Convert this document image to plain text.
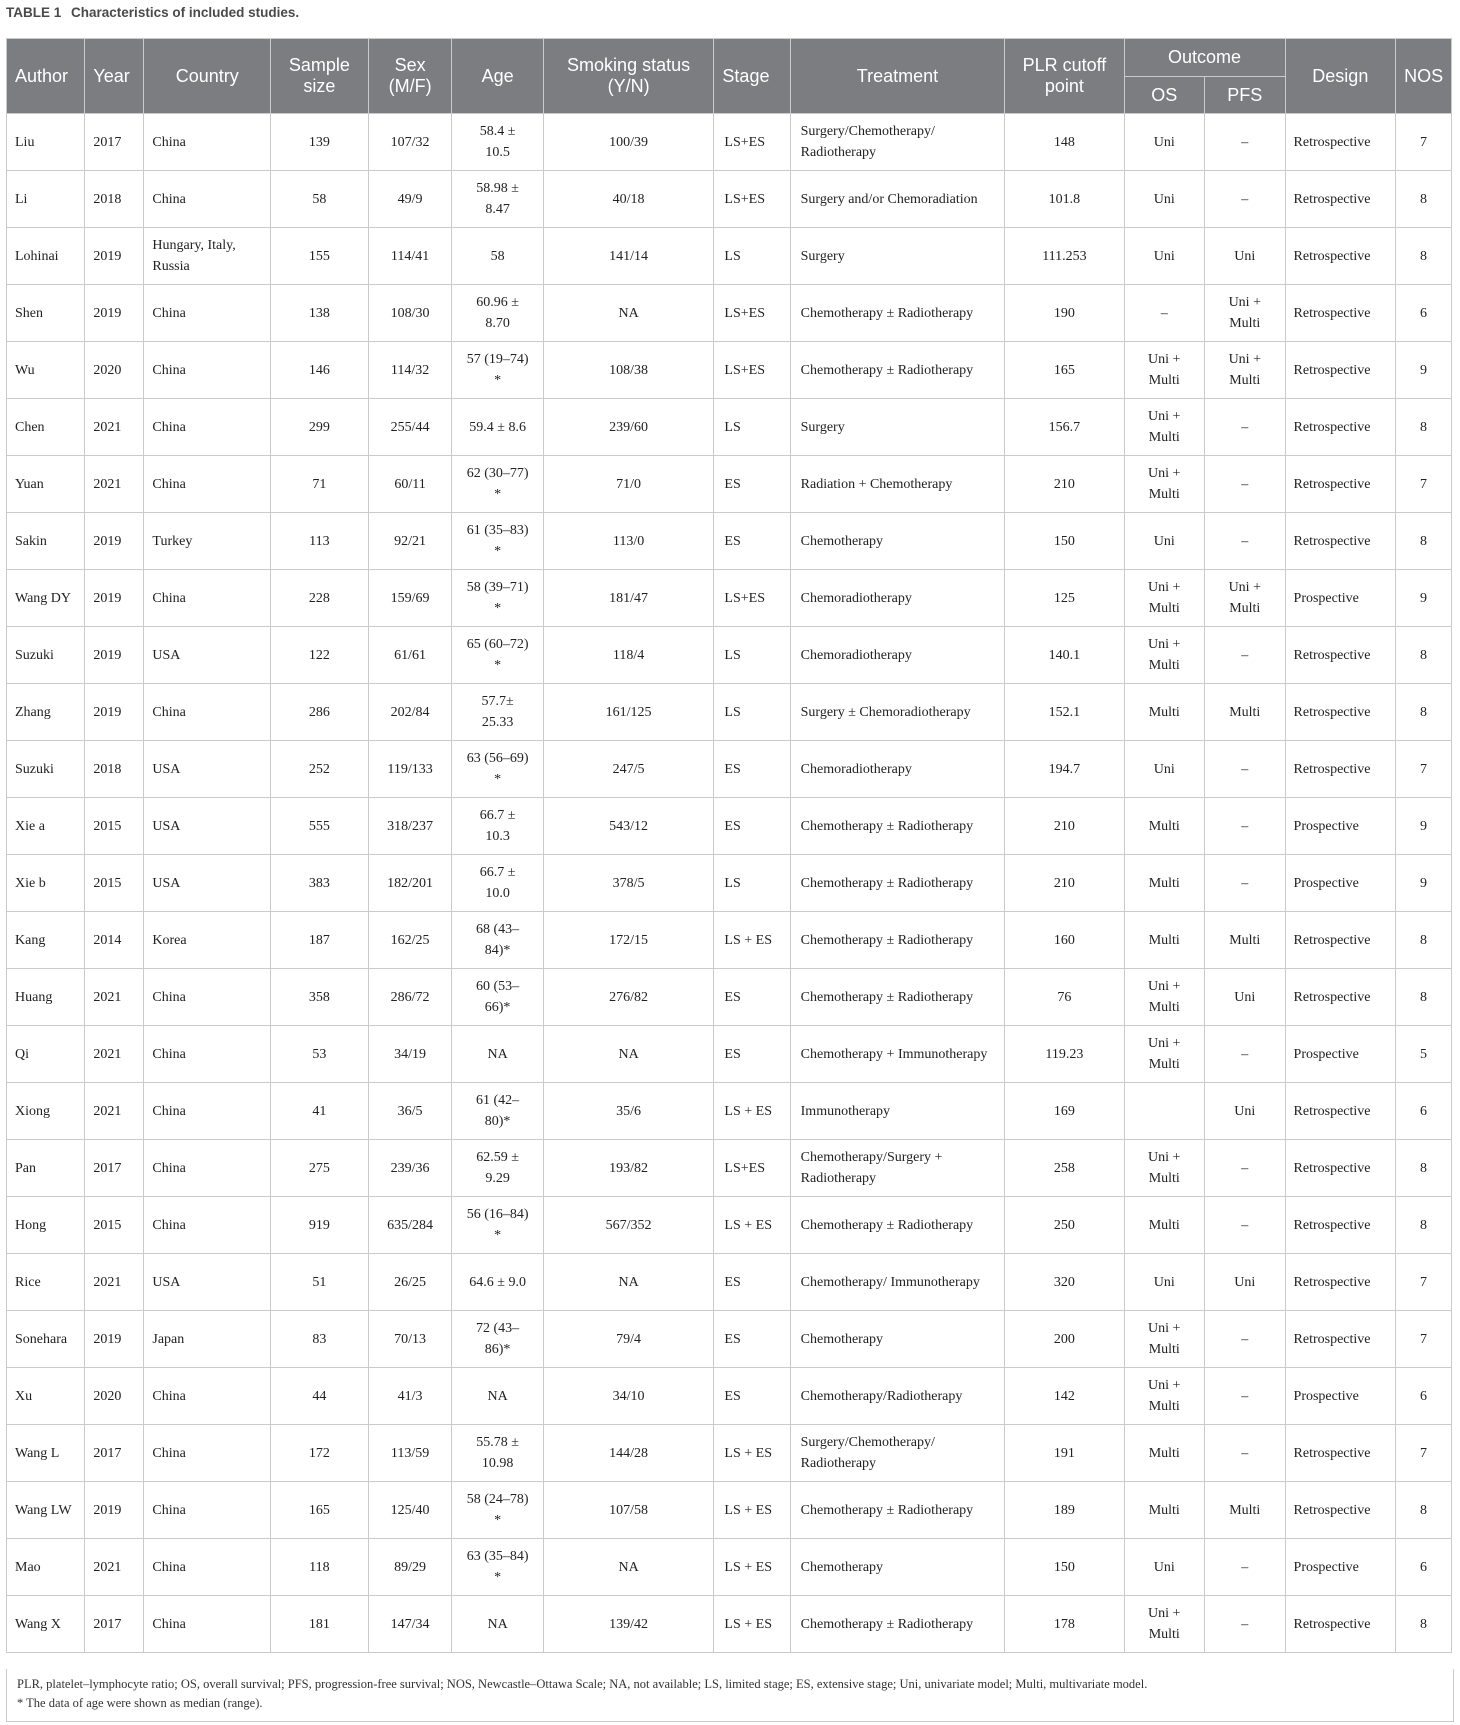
TABLE 1 Characteristics of included studies.
Author	Year	Country	Sample size	Sex (M/F)	Age	Smoking status (Y/N)	Stage	Treatment	PLR cutoff point	Outcome		Design	NOS
										OS	PFS		
Liu	2017	China	139	107/32	58.4 ± 10.5	100/39	LS+ES	Surgery/Chemotherapy/ Radiotherapy	148	Uni	–	Retrospective	7
Li	2018	China	58	49/9	58.98 ± 8.47	40/18	LS+ES	Surgery and/or Chemoradiation	101.8	Uni	–	Retrospective	8
Lohinai	2019	Hungary, Italy, Russia	155	114/41	58	141/14	LS	Surgery	111.253	Uni	Uni	Retrospective	8
Shen	2019	China	138	108/30	60.96 ± 8.70	NA	LS+ES	Chemotherapy ± Radiotherapy	190	–	Uni + Multi	Retrospective	6
Wu	2020	China	146	114/32	57 (19–74) *	108/38	LS+ES	Chemotherapy ± Radiotherapy	165	Uni + Multi	Uni + Multi	Retrospective	9
Chen	2021	China	299	255/44	59.4 ± 8.6	239/60	LS	Surgery	156.7	Uni + Multi	–	Retrospective	8
Yuan	2021	China	71	60/11	62 (30–77) *	71/0	ES	Radiation + Chemotherapy	210	Uni + Multi	–	Retrospective	7
Sakin	2019	Turkey	113	92/21	61 (35–83) *	113/0	ES	Chemotherapy	150	Uni	–	Retrospective	8
Wang DY	2019	China	228	159/69	58 (39–71) *	181/47	LS+ES	Chemoradiotherapy	125	Uni + Multi	Uni + Multi	Prospective	9
Suzuki	2019	USA	122	61/61	65 (60–72) *	118/4	LS	Chemoradiotherapy	140.1	Uni + Multi	–	Retrospective	8
Zhang	2019	China	286	202/84	57.7± 25.33	161/125	LS	Surgery ± Chemoradiotherapy	152.1	Multi	Multi	Retrospective	8
Suzuki	2018	USA	252	119/133	63 (56–69) *	247/5	ES	Chemoradiotherapy	194.7	Uni	–	Retrospective	7
Xie a	2015	USA	555	318/237	66.7 ± 10.3	543/12	ES	Chemotherapy ± Radiotherapy	210	Multi	–	Prospective	9
Xie b	2015	USA	383	182/201	66.7 ± 10.0	378/5	LS	Chemotherapy ± Radiotherapy	210	Multi	–	Prospective	9
Kang	2014	Korea	187	162/25	68 (43–84)*	172/15	LS + ES	Chemotherapy ± Radiotherapy	160	Multi	Multi	Retrospective	8
Huang	2021	China	358	286/72	60 (53–66)*	276/82	ES	Chemotherapy ± Radiotherapy	76	Uni + Multi	Uni	Retrospective	8
Qi	2021	China	53	34/19	NA	NA	ES	Chemotherapy + Immunotherapy	119.23	Uni + Multi	–	Prospective	5
Xiong	2021	China	41	36/5	61 (42–80)*	35/6	LS + ES	Immunotherapy	169		Uni	Retrospective	6
Pan	2017	China	275	239/36	62.59 ± 9.29	193/82	LS+ES	Chemotherapy/Surgery + Radiotherapy	258	Uni + Multi	–	Retrospective	8
Hong	2015	China	919	635/284	56 (16–84) *	567/352	LS + ES	Chemotherapy ± Radiotherapy	250	Multi	–	Retrospective	8
Rice	2021	USA	51	26/25	64.6 ± 9.0	NA	ES	Chemotherapy/ Immunotherapy	320	Uni	Uni	Retrospective	7
Sonehara	2019	Japan	83	70/13	72 (43–86)*	79/4	ES	Chemotherapy	200	Uni + Multi	–	Retrospective	7
Xu	2020	China	44	41/3	NA	34/10	ES	Chemotherapy/Radiotherapy	142	Uni + Multi	–	Prospective	6
Wang L	2017	China	172	113/59	55.78 ± 10.98	144/28	LS + ES	Surgery/Chemotherapy/ Radiotherapy	191	Multi	–	Retrospective	7
Wang LW	2019	China	165	125/40	58 (24–78) *	107/58	LS + ES	Chemotherapy ± Radiotherapy	189	Multi	Multi	Retrospective	8
Mao	2021	China	118	89/29	63 (35–84) *	NA	LS + ES	Chemotherapy	150	Uni	–	Prospective	6
Wang X	2017	China	181	147/34	NA	139/42	LS + ES	Chemotherapy ± Radiotherapy	178	Uni + Multi	–	Retrospective	8
PLR, platelet–lymphocyte ratio; OS, overall survival; PFS, progression-free survival; NOS, Newcastle–Ottawa Scale; NA, not available; LS, limited stage; ES, extensive stage; Uni, univariate model; Multi, multivariate model.
* The data of age were shown as median (range).
